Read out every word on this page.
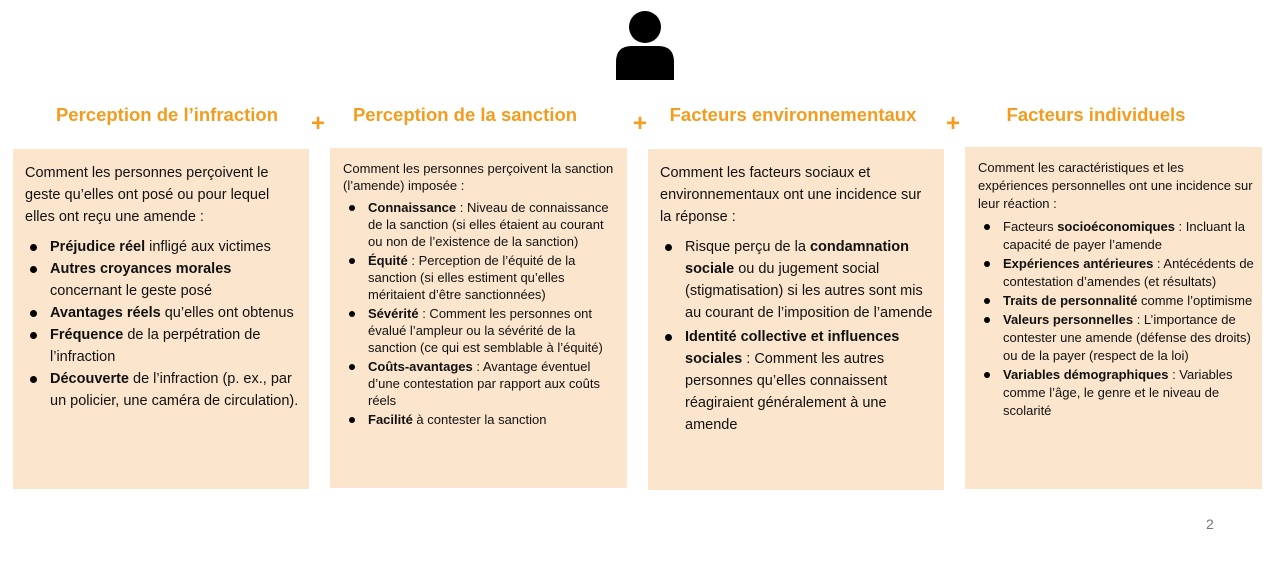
Perception de l’infraction	+	Perception de la sanction	+	Facteurs environnementaux	+	Facteurs individuels

Comment les personnes perçoivent le geste qu’elles ont posé ou pour lequel elles ont reçu une amende :

Préjudice réel infligé aux victimes
Autres croyances morales concernant le geste posé
Avantages réels qu’elles ont obtenus
Fréquence de la perpétration de l’infraction
Découverte de l’infraction (p. ex., par un policier, une caméra de circulation).

Comment les personnes perçoivent la sanction (l’amende) imposée :

Connaissance : Niveau de connaissance de la sanction (si elles étaient au courant ou non de l’existence de la sanction)
Équité : Perception de l’équité de la sanction (si elles estiment qu’elles méritaient d’être sanctionnées)
Sévérité : Comment les personnes ont évalué l’ampleur ou la sévérité de la sanction (ce qui est semblable à l’équité)
Coûts-avantages : Avantage éventuel d’une contestation par rapport aux coûts réels
Facilité à contester la sanction

Comment les facteurs sociaux et environnementaux ont une incidence sur la réponse :

Risque perçu de la condamnation sociale ou du jugement social (stigmatisation) si les autres sont mis au courant de l’imposition de l’amende
Identité collective et influences sociales : Comment les autres personnes qu’elles connaissent réagiraient généralement à une amende

Comment les caractéristiques et les expériences personnelles ont une incidence sur leur réaction :

Facteurs socioéconomiques : Incluant la capacité de payer l’amende
Expériences antérieures : Antécédents de contestation d’amendes (et résultats)
Traits de personnalité comme l’optimisme
Valeurs personnelles : L’importance de contester une amende (défense des droits) ou de la payer (respect de la loi)
Variables démographiques : Variables comme l’âge, le genre et le niveau de scolarité
2
